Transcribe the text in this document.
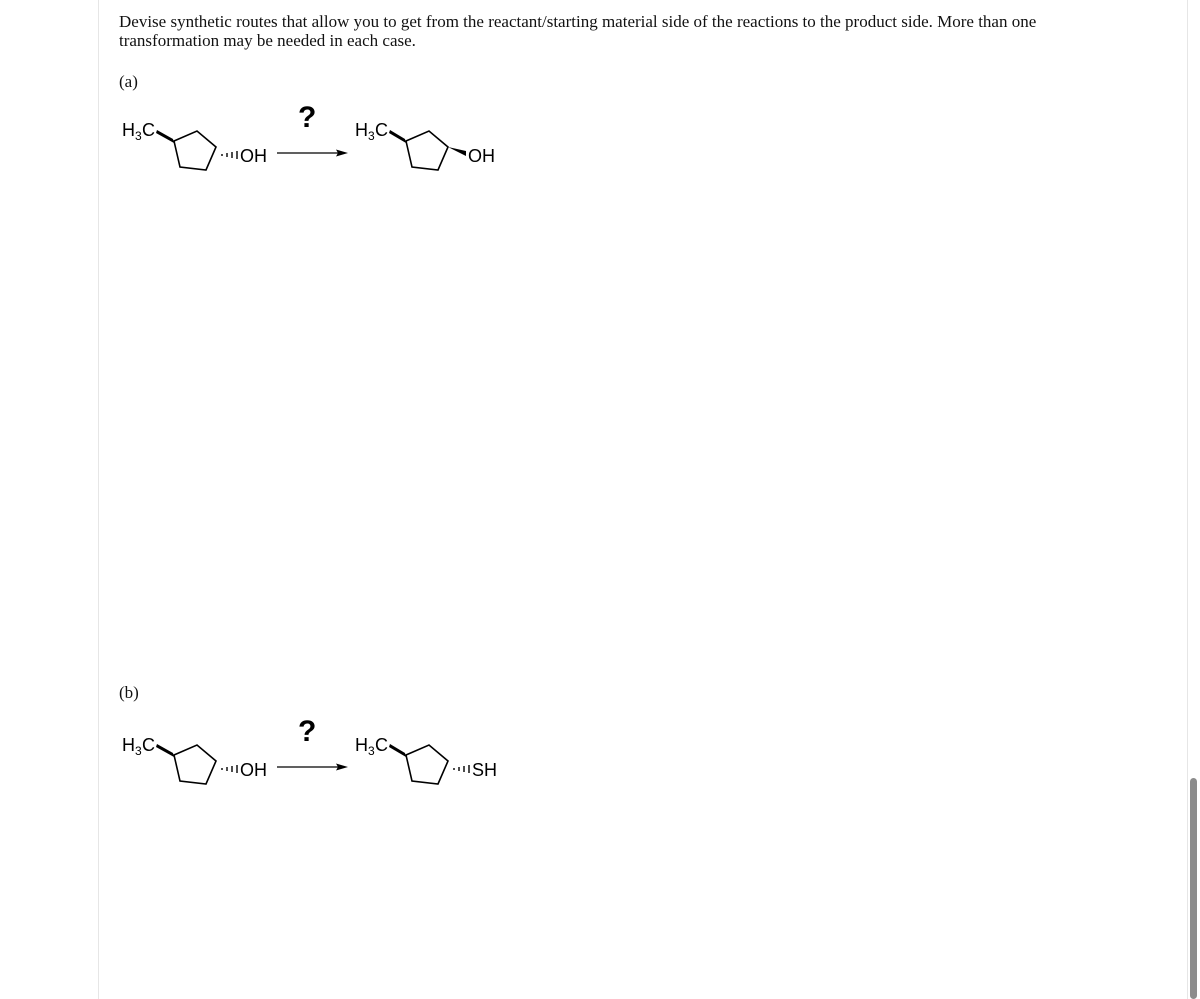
Devise synthetic routes that allow you to get from the reactant/starting material side of the reactions to the product side. More than one transformation may be needed in each case.

(a)
H 3 C
OH
? H 3 C
OH
(b)
H 3 C
OH
? H 3 C
SH
